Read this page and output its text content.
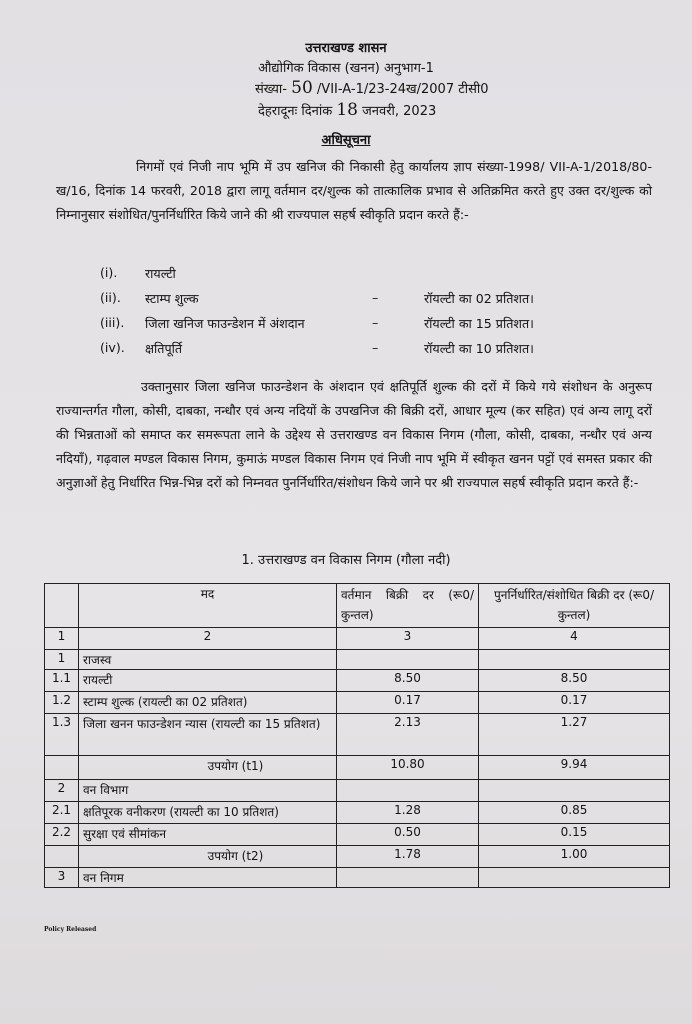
उत्तराखण्ड शासन
औद्योगिक विकास (खनन) अनुभाग-1
संख्या- 50 /VII-A-1/23-24ख/2007 टीसी0
देहरादूनः दिनांक 18 जनवरी, 2023
अधिसूचना

निगमों एवं निजी नाप भूमि में उप खनिज की निकासी हेतु कार्यालय ज्ञाप संख्या-1998/ VII-A-1/2018/80-ख/16, दिनांक 14 फरवरी, 2018 द्वारा लागू वर्तमान दर/शुल्क को तात्कालिक प्रभाव से अतिक्रमित करते हुए उक्त दर/शुल्क को निम्नानुसार संशोधित/पुनर्निर्धारित किये जाने की श्री राज्यपाल सहर्ष स्वीकृति प्रदान करते हैं:-

(i). रायल्टी
(ii). स्टाम्प शुल्क	–	रॉयल्टी का 02 प्रतिशत।
(iii). जिला खनिज फाउन्डेशन में अंशदान	–	रॉयल्टी का 15 प्रतिशत।
(iv). क्षतिपूर्ति	–	रॉयल्टी का 10 प्रतिशत।

उक्तानुसार जिला खनिज फाउन्डेशन के अंशदान एवं क्षतिपूर्ति शुल्क की दरों में किये गये संशोधन के अनुरूप राज्यान्तर्गत गौला, कोसी, दाबका, नन्धौर एवं अन्य नदियों के उपखनिज की बिक्री दरों, आधार मूल्य (कर सहित) एवं अन्य लागू दरों की भिन्नताओं को समाप्त कर समरूपता लाने के उद्देश्य से उत्तराखण्ड वन विकास निगम (गौला, कोसी, दाबका, नन्धौर एवं अन्य नदियाँ), गढ़वाल मण्डल विकास निगम, कुमाऊं मण्डल विकास निगम एवं निजी नाप भूमि में स्वीकृत खनन पट्टों एवं समस्त प्रकार की अनुज्ञाओं हेतु निर्धारित भिन्न-भिन्न दरों को निम्नवत पुनर्निर्धारित/संशोधन किये जाने पर श्री राज्यपाल सहर्ष स्वीकृति प्रदान करते हैं:-

1. उत्तराखण्ड वन विकास निगम (गौला नदी)
	मद	वर्तमान बिक्री दर (रू0/कुन्तल)	पुनर्निर्धारित/संशोधित बिक्री दर (रू0/कुन्तल)
1	2	3	4
1	राजस्व		
1.1	रायल्टी	8.50	8.50
1.2	स्टाम्प शुल्क (रायल्टी का 02 प्रतिशत)	0.17	0.17
1.3	जिला खनन फाउन्डेशन न्यास (रायल्टी का 15 प्रतिशत)	2.13	1.27
	उपयोग (t1)	10.80	9.94
2	वन विभाग		
2.1	क्षतिपूरक वनीकरण (रायल्टी का 10 प्रतिशत)	1.28	0.85
2.2	सुरक्षा एवं सीमांकन	0.50	0.15
	उपयोग (t2)	1.78	1.00
3	वन निगम		
Policy Released
